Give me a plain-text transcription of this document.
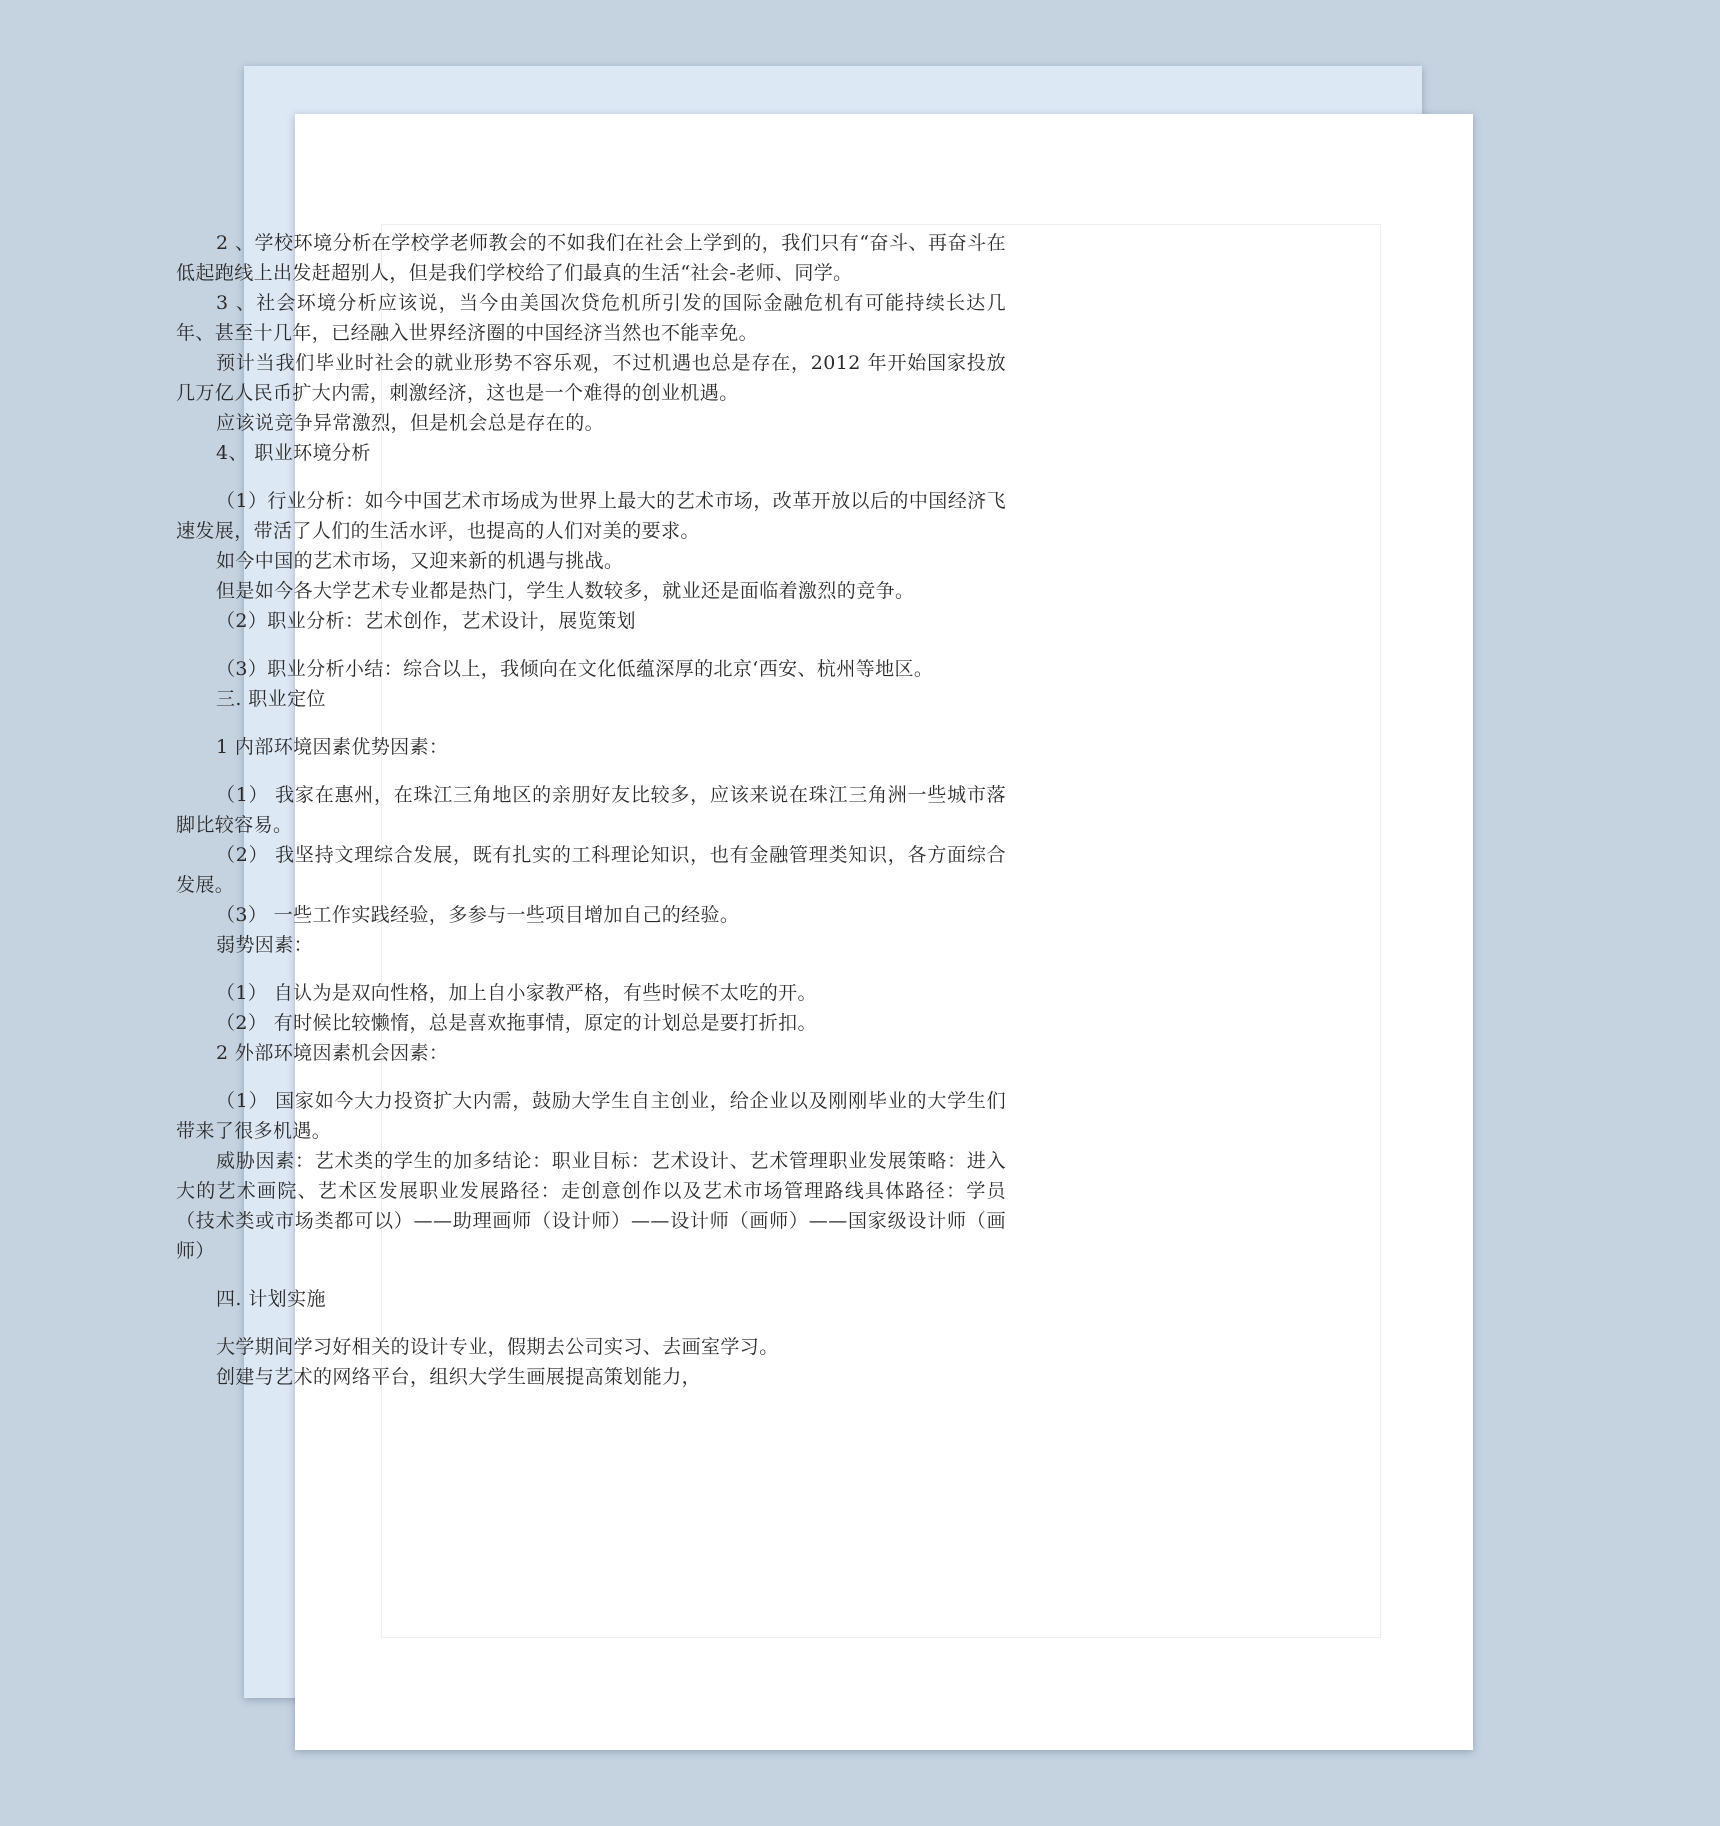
2 、学校环境分析在学校学老师教会的不如我们在社会上学到的，我们只有“奋斗、再奋斗在低起跑线上出发赶超别人，但是我们学校给了们最真的生活“社会-老师、同学。

3 、社会环境分析应该说，当今由美国次贷危机所引发的国际金融危机有可能持续长达几年、甚至十几年，已经融入世界经济圈的中国经济当然也不能幸免。

预计当我们毕业时社会的就业形势不容乐观，不过机遇也总是存在，2012 年开始国家投放几万亿人民币扩大内需，刺激经济，这也是一个难得的创业机遇。

应该说竞争异常激烈，但是机会总是存在的。

4、 职业环境分析

（1）行业分析：如今中国艺术市场成为世界上最大的艺术市场，改革开放以后的中国经济飞速发展，带活了人们的生活水评，也提高的人们对美的要求。

如今中国的艺术市场，又迎来新的机遇与挑战。

但是如今各大学艺术专业都是热门，学生人数较多，就业还是面临着激烈的竞争。

（2）职业分析：艺术创作，艺术设计，展览策划

（3）职业分析小结：综合以上，我倾向在文化低蕴深厚的北京‘西安、杭州等地区。

三. 职业定位

1 内部环境因素优势因素：

（1） 我家在惠州，在珠江三角地区的亲朋好友比较多，应该来说在珠江三角洲一些城市落脚比较容易。

（2） 我坚持文理综合发展，既有扎实的工科理论知识，也有金融管理类知识，各方面综合发展。

（3） 一些工作实践经验，多参与一些项目增加自己的经验。

弱势因素：

（1） 自认为是双向性格，加上自小家教严格，有些时候不太吃的开。

（2） 有时候比较懒惰，总是喜欢拖事情，原定的计划总是要打折扣。

2 外部环境因素机会因素：

（1） 国家如今大力投资扩大内需，鼓励大学生自主创业，给企业以及刚刚毕业的大学生们带来了很多机遇。

威胁因素：艺术类的学生的加多结论：职业目标：艺术设计、艺术管理职业发展策略：进入大的艺术画院、艺术区发展职业发展路径：走创意创作以及艺术市场管理路线具体路径：学员（技术类或市场类都可以）——助理画师（设计师）——设计师（画师）——国家级设计师（画师）

四. 计划实施

大学期间学习好相关的设计专业，假期去公司实习、去画室学习。

创建与艺术的网络平台，组织大学生画展提高策划能力，
